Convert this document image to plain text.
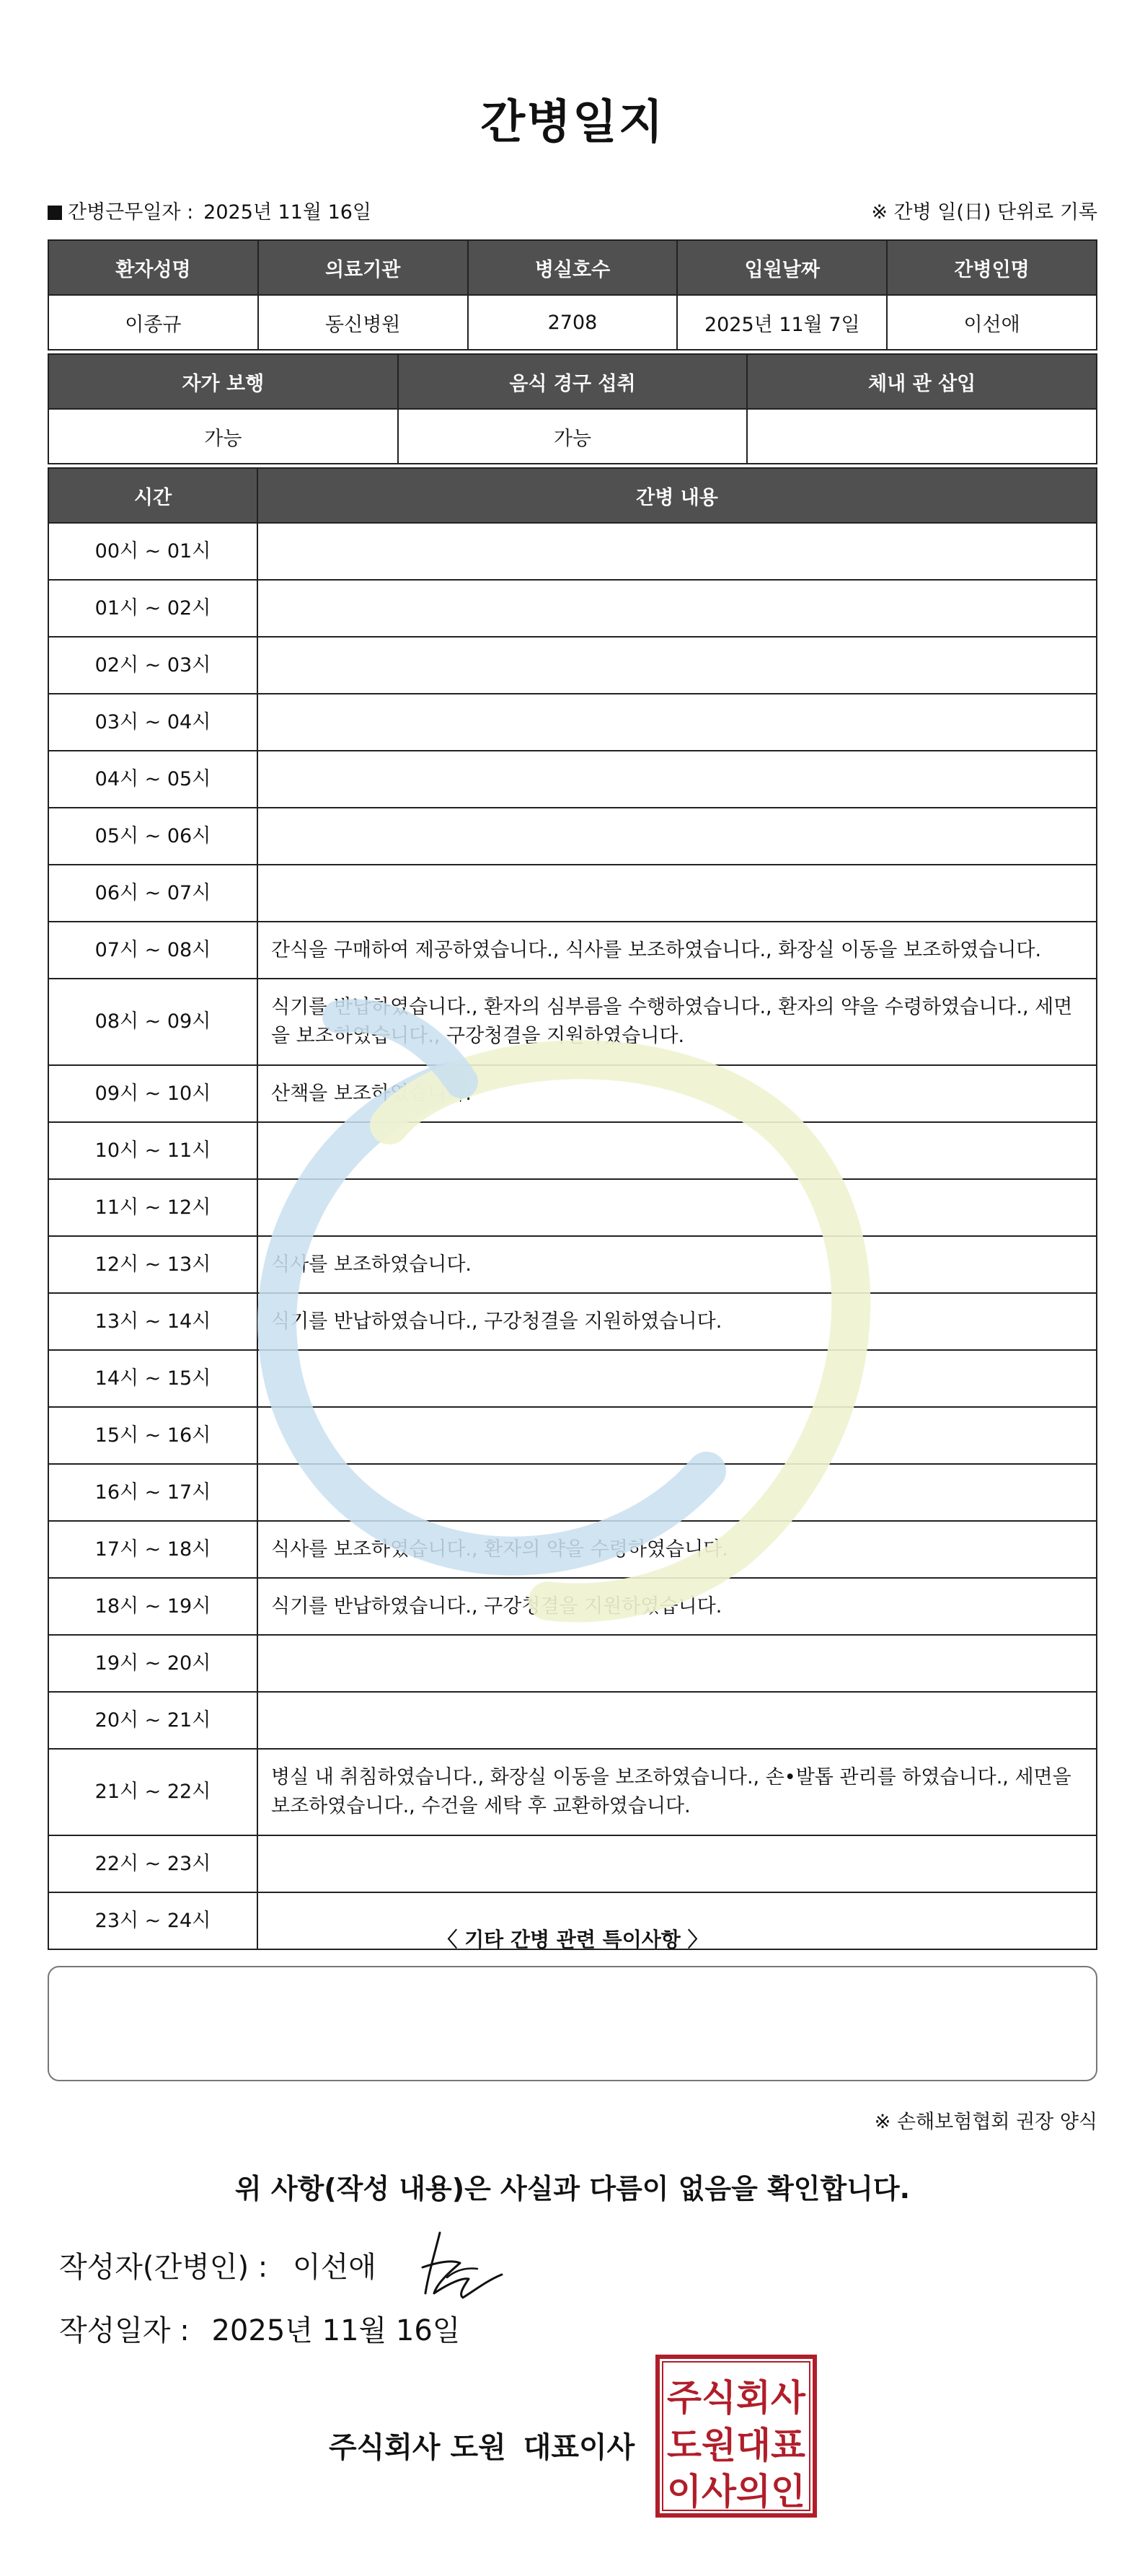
간병일지
간병근무일자 : 2025년 11월 16일	※ 간병 일(日) 단위로 기록
환자성명	의료기관	병실호수	입원날짜	간병인명
이종규	동신병원	2708	2025년 11월 7일	이선애
자가 보행	음식 경구 섭취	체내 관 삽입
가능	가능	
시간	간병 내용
00시 ~ 01시	
01시 ~ 02시	
02시 ~ 03시	
03시 ~ 04시	
04시 ~ 05시	
05시 ~ 06시	
06시 ~ 07시	
07시 ~ 08시	간식을 구매하여 제공하였습니다., 식사를 보조하였습니다., 화장실 이동을 보조하였습니다.
08시 ~ 09시	식기를 반납하였습니다., 환자의 심부름을 수행하였습니다., 환자의 약을 수령하였습니다., 세면을 보조하였습니다., 구강청결을 지원하였습니다.
09시 ~ 10시	산책을 보조하였습니다.
10시 ~ 11시	
11시 ~ 12시	
12시 ~ 13시	식사를 보조하였습니다.
13시 ~ 14시	식기를 반납하였습니다., 구강청결을 지원하였습니다.
14시 ~ 15시	
15시 ~ 16시	
16시 ~ 17시	
17시 ~ 18시	식사를 보조하였습니다., 환자의 약을 수령하였습니다.
18시 ~ 19시	식기를 반납하였습니다., 구강청결을 지원하였습니다.
19시 ~ 20시	
20시 ~ 21시	
21시 ~ 22시	병실 내 취침하였습니다., 화장실 이동을 보조하였습니다., 손•발톱 관리를 하였습니다., 세면을 보조하였습니다., 수건을 세탁 후 교환하였습니다.
22시 ~ 23시	
23시 ~ 24시	
〈 기타 간병 관련 특이사항 〉
※ 손해보험협회 권장 양식
위 사항(작성 내용)은 사실과 다름이 없음을 확인합니다.
작성자(간병인) : 이선애
작성일자 : 2025년 11월 16일
주식회사 도원 대표이사
주식회사
도원대표
이사의인
